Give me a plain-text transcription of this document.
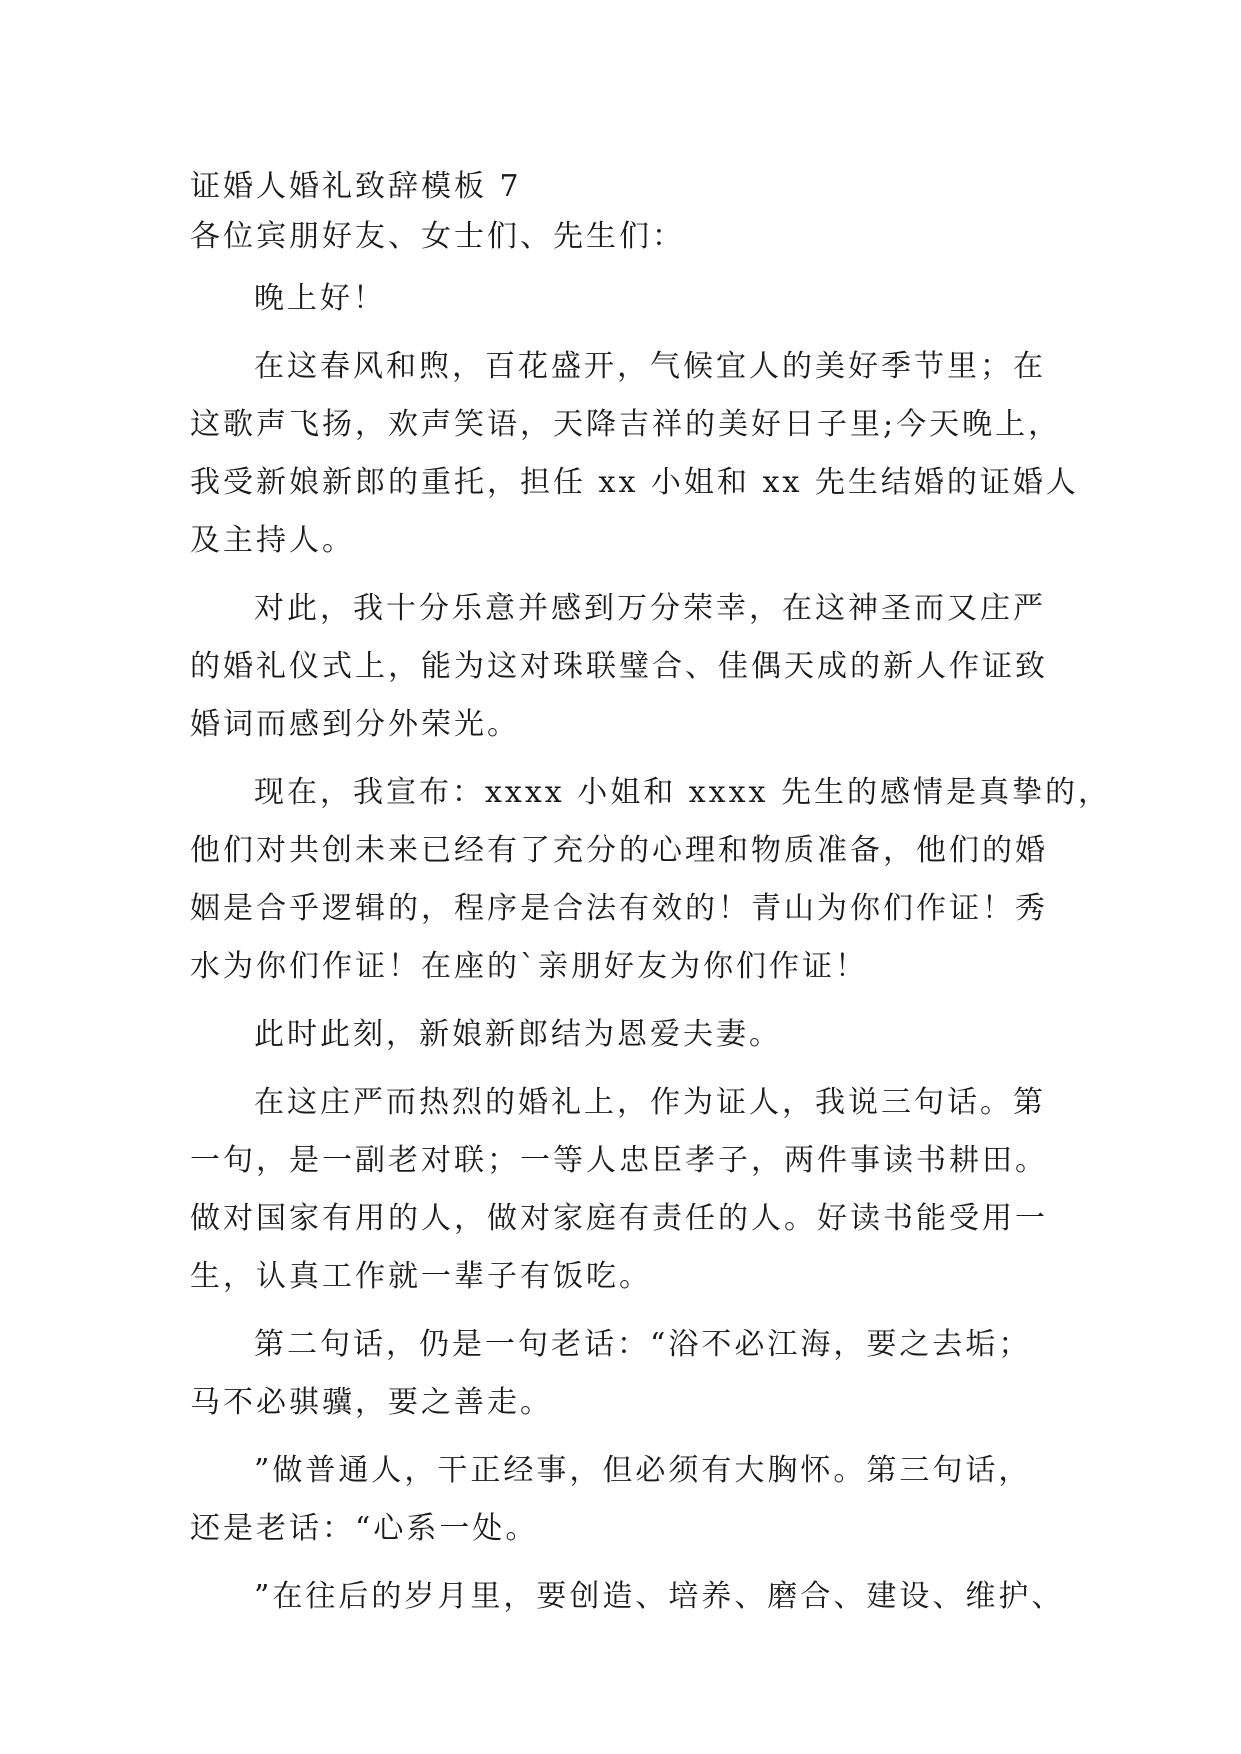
证婚人婚礼致辞模板 7

各位宾朋好友、女士们、先生们：

晚上好！

在这春风和煦，百花盛开，气候宜人的美好季节里；在
这歌声飞扬，欢声笑语，天降吉祥的美好日子里;今天晚上，
我受新娘新郎的重托，担任 xx 小姐和 xx 先生结婚的证婚人
及主持人。

对此，我十分乐意并感到万分荣幸，在这神圣而又庄严
的婚礼仪式上，能为这对珠联璧合、佳偶天成的新人作证致
婚词而感到分外荣光。

现在，我宣布：xxxx 小姐和 xxxx 先生的感情是真挚的，
他们对共创未来已经有了充分的心理和物质准备，他们的婚
姻是合乎逻辑的，程序是合法有效的！青山为你们作证！秀
水为你们作证！在座的`亲朋好友为你们作证！

此时此刻，新娘新郎结为恩爱夫妻。

在这庄严而热烈的婚礼上，作为证人，我说三句话。第
一句，是一副老对联；一等人忠臣孝子，两件事读书耕田。
做对国家有用的人，做对家庭有责任的人。好读书能受用一
生，认真工作就一辈子有饭吃。

第二句话，仍是一句老话：“浴不必江海，要之去垢；
马不必骐骥，要之善走。

”做普通人，干正经事，但必须有大胸怀。第三句话，
还是老话：“心系一处。

”在往后的岁月里，要创造、培养、磨合、建设、维护、
